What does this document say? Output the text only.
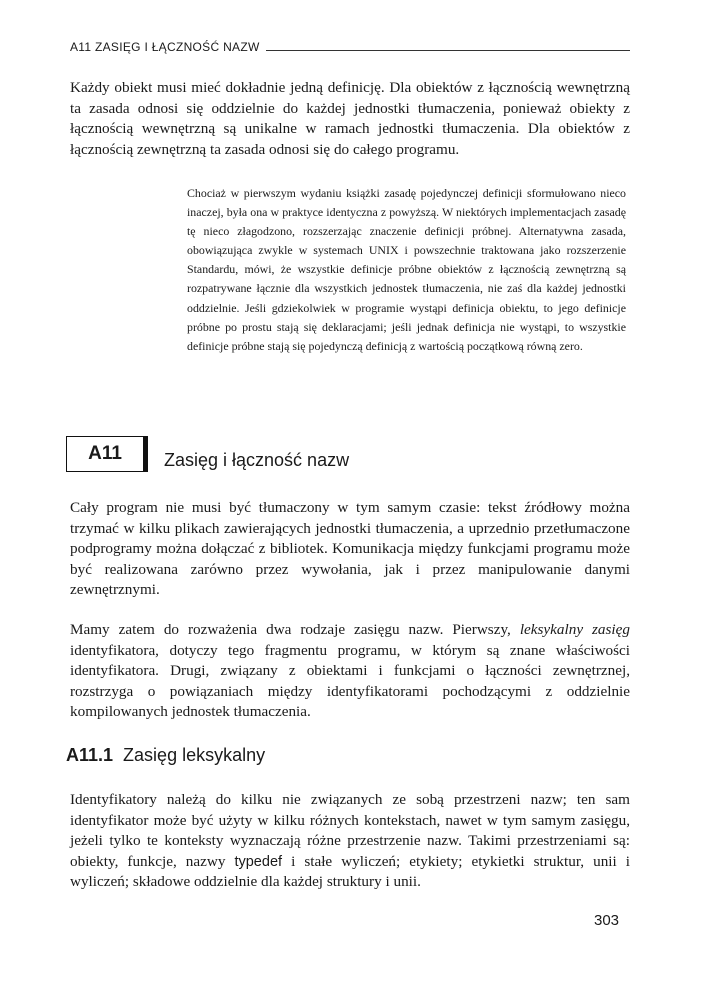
A11 ZASIĘG I ŁĄCZNOŚĆ NAZW

Każdy obiekt musi mieć dokładnie jedną definicję. Dla obiektów z łącznością wewnętrzną ta zasada odnosi się oddzielnie do każdej jednostki tłumaczenia, ponieważ obiekty z łącznością wewnętrzną są unikalne w ramach jednostki tłumaczenia. Dla obiektów z łącznością zewnętrzną ta zasada odnosi się do całego programu.

Chociaż w pierwszym wydaniu książki zasadę pojedynczej definicji sformułowano nieco inaczej, była ona w praktyce identyczna z powyższą. W niektórych implementacjach zasadę tę nieco złagodzono, rozszerzając znaczenie definicji próbnej. Alternatywna zasada, obowiązująca zwykle w systemach UNIX i powszechnie traktowana jako rozszerzenie Standardu, mówi, że wszystkie definicje próbne obiektów z łącznością zewnętrzną są rozpatrywane łącznie dla wszystkich jednostek tłumaczenia, nie zaś dla każdej jednostki oddzielnie. Jeśli gdziekolwiek w programie wystąpi definicja obiektu, to jego definicje próbne po prostu stają się deklaracjami; jeśli jednak definicja nie wystąpi, to wszystkie definicje próbne stają się pojedynczą definicją z wartością początkową równą zero.

A11 Zasięg i łączność nazw

Cały program nie musi być tłumaczony w tym samym czasie: tekst źródłowy można trzymać w kilku plikach zawierających jednostki tłumaczenia, a uprzednio przetłumaczone podprogramy można dołączać z bibliotek. Komunikacja między funkcjami programu może być realizowana zarówno przez wywołania, jak i przez manipulowanie danymi zewnętrznymi.

Mamy zatem do rozważenia dwa rodzaje zasięgu nazw. Pierwszy, leksykalny zasięg identyfikatora, dotyczy tego fragmentu programu, w którym są znane właściwości identyfikatora. Drugi, związany z obiektami i funkcjami o łączności zewnętrznej, rozstrzyga o powiązaniach między identyfikatorami pochodzącymi z oddzielnie kompilowanych jednostek tłumaczenia.

A11.1 Zasięg leksykalny

Identyfikatory należą do kilku nie związanych ze sobą przestrzeni nazw; ten sam identyfikator może być użyty w kilku różnych kontekstach, nawet w tym samym zasięgu, jeżeli tylko te konteksty wyznaczają różne przestrzenie nazw. Takimi przestrzeniami są: obiekty, funkcje, nazwy typedef i stałe wyliczeń; etykiety; etykietki struktur, unii i wyliczeń; składowe oddzielnie dla każdej struktury i unii.

303
